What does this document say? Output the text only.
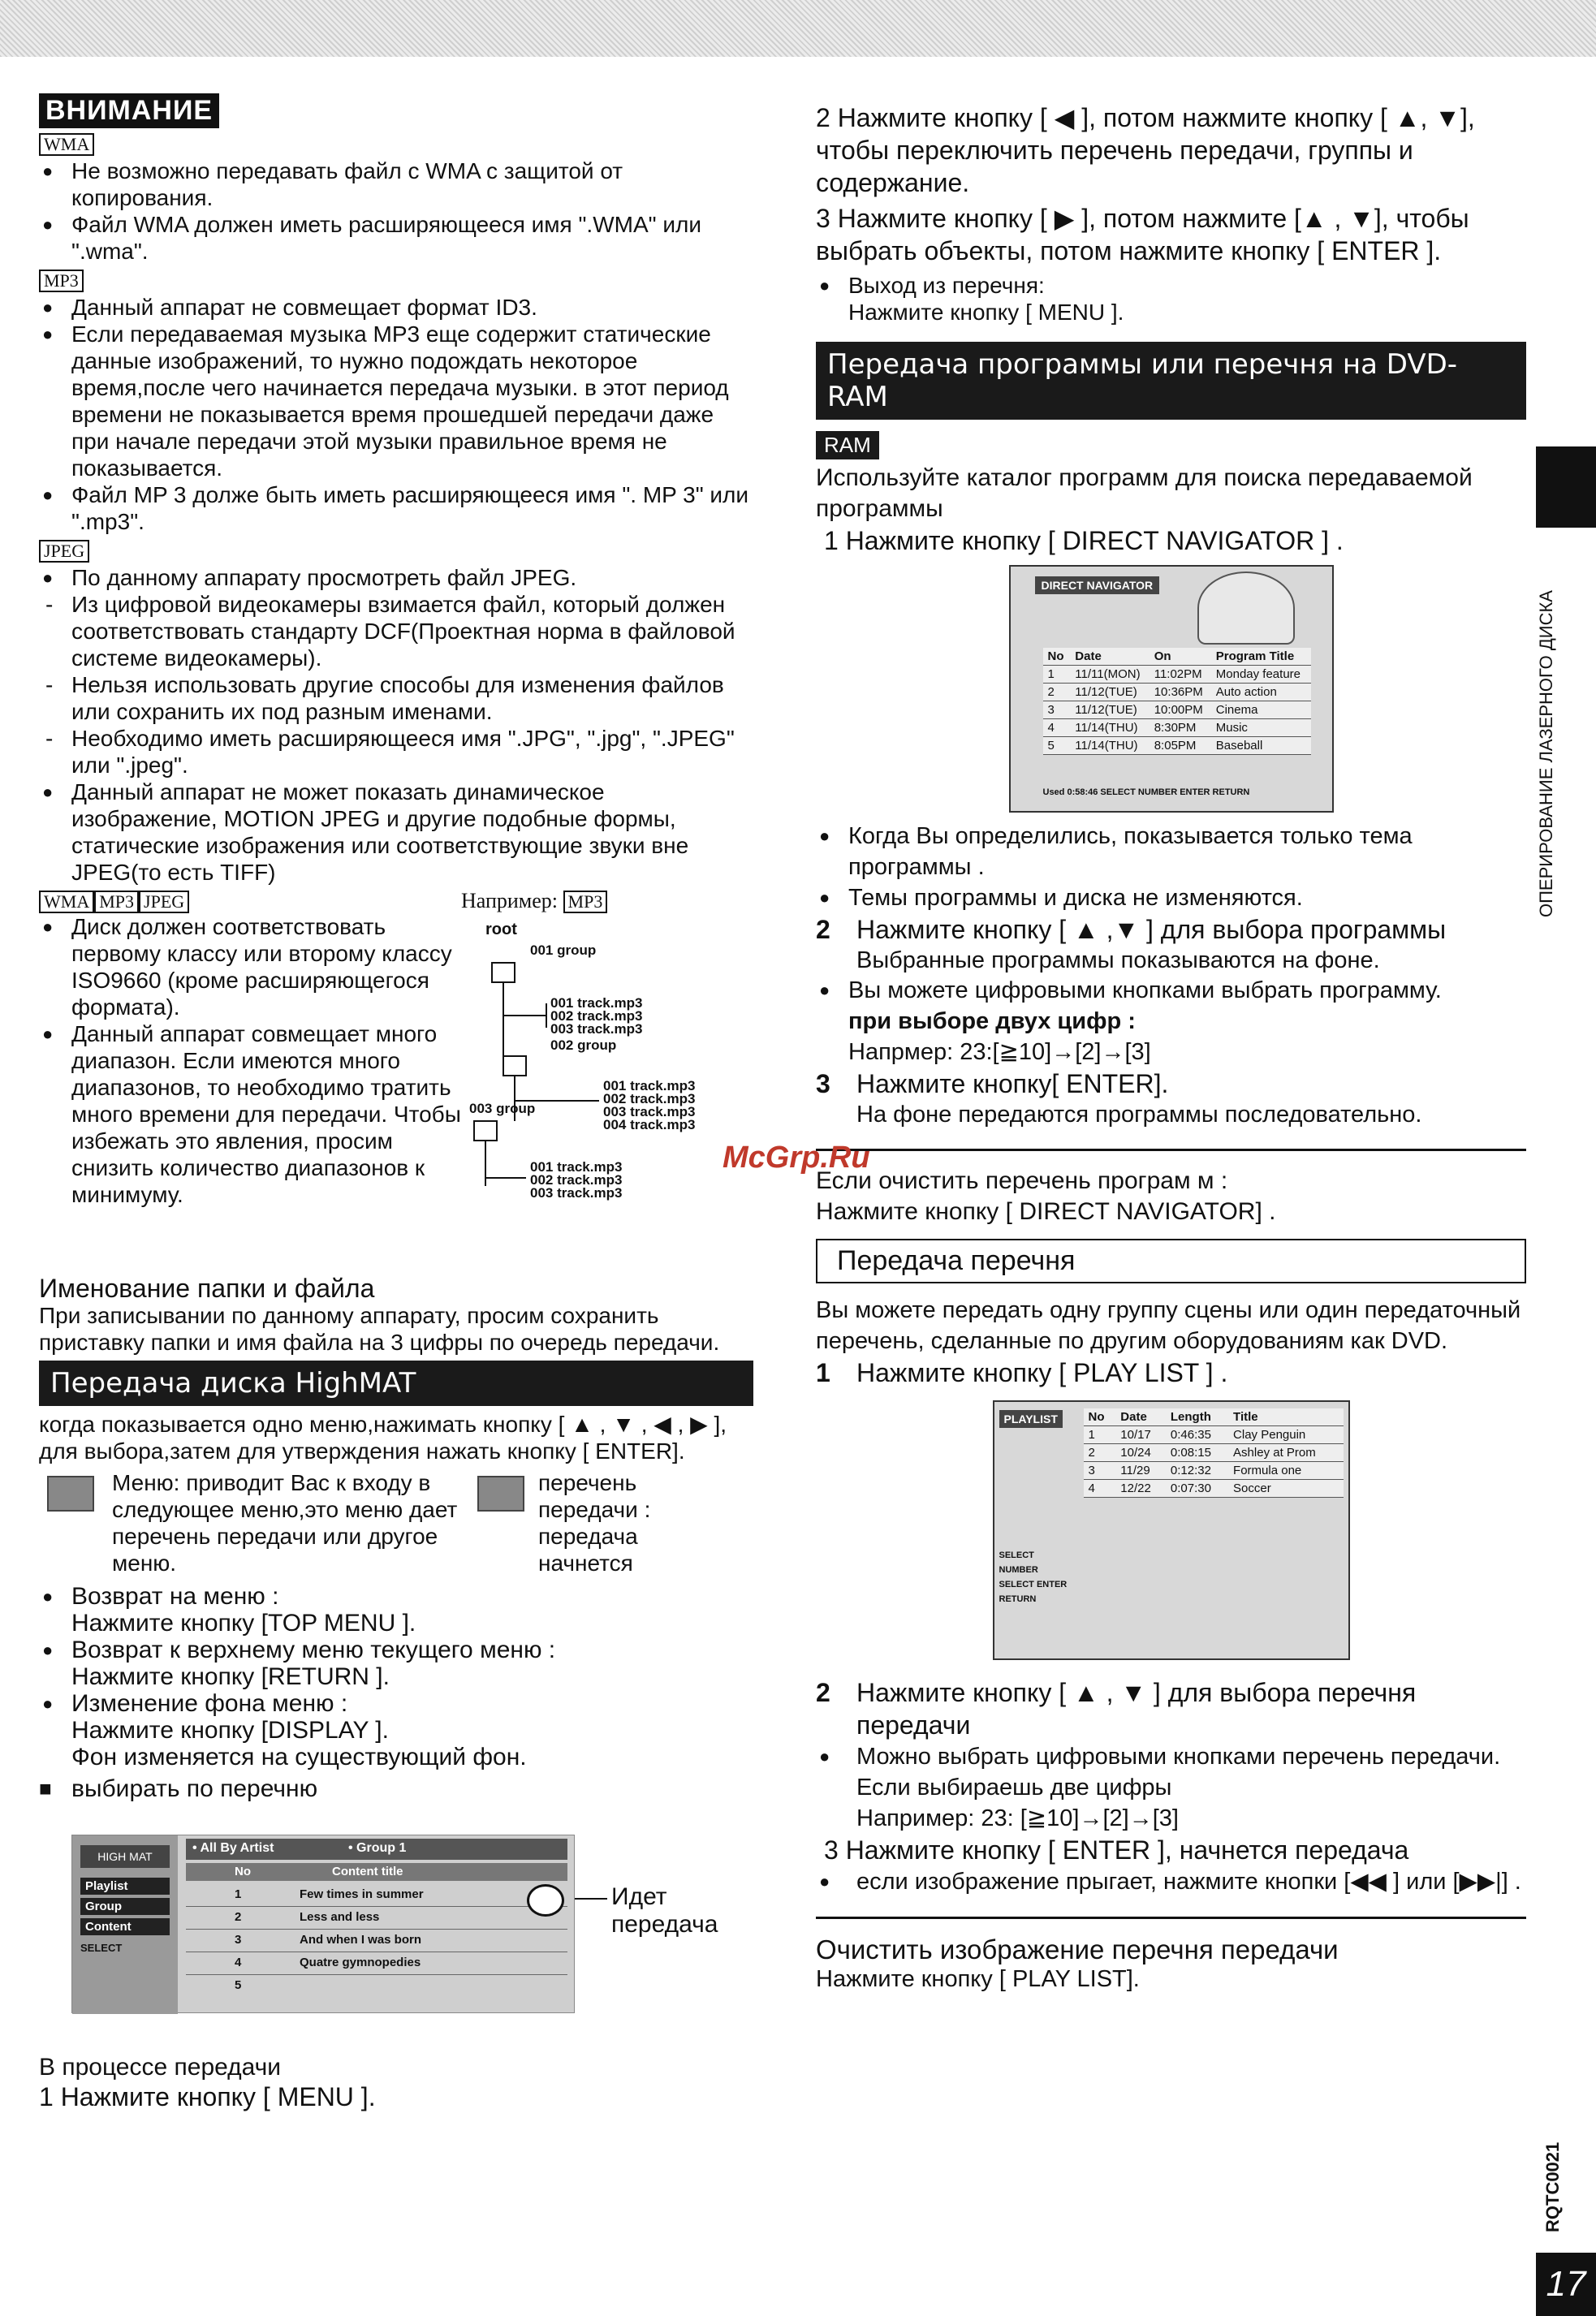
ВНИМАНИЕ
WMA
● Не возможно передавать файл с WMA с защитой от копирования.
● Файл WMA должен иметь расширяющееся имя ".WMA" или ".wma".
MP3
● Данный аппарат не совмещает формат ID3.
● Если передаваемая музыка MP3 еще содержит статические данные изображений, то нужно подождать некоторое время,после чего начинается передача музыки. в этот период времени не показывается время прошедшей передачи даже при начале передачи этой музыки правильное время не показывается.
● Файл MP 3 долже быть иметь расширяющееся имя ". MP 3" или ".mp3".
JPEG
● По данному аппарату просмотреть файл JPEG.
- Из цифровой видеокамеры взимается файл, который должен соответствовать стандарту DCF(Проектная норма в файловой системе видеокамеры).
- Нельзя использовать другие способы для изменения файлов или сохранить их под разным именами.
- Необходимо иметь расширяющееся имя ".JPG", ".jpg", ".JPEG" или ".jpeg".
● Данный аппарат не может показать динамическое изображение, MOTION JPEG и другие подобные формы, статические изображения или соответствующие звуки вне JPEG(то есть TIFF)
WMA MP3 JPEG
● Диск должен соответствовать первому классу или второму классу ISO9660 (кроме расширяющегося формата).
● Данный аппарат совмещает много диапазон. Если имеются много диапазонов, то необходимо тратить много времени для передачи. Чтобы избежать это явления, просим снизить количество диапазонов к минимуму.
Например: MP3
root
001 group
001 track.mp3
002 track.mp3
003 track.mp3
002 group
001 track.mp3
002 track.mp3
003 track.mp3
004 track.mp3
003 group
001 track.mp3
002 track.mp3
003 track.mp3
Именование папки и файла
При записывании по данному аппарату, просим сохранить приставку папки и имя файла на 3 цифры по очередь передачи.
Передача диска HighMAT
когда показывается одно меню,нажимать кнопку [ ▲ , ▼ , ◀ , ▶ ], для выбора,затем для утверждения нажать кнопку [ ENTER].
Меню: приводит Вас к входу в следующее меню,это меню дает перечень передачи или другое меню.
перечень передачи : передача начнется
● Возврат на меню :
Нажмите кнопку [TOP MENU ].
● Возврат к верхнему меню текущего меню :
Нажмите кнопку [RETURN ].
● Изменение фона меню :
Нажмите кнопку [DISPLAY ].
Фон изменяется на существующий фон.
■ выбирать по перечню
HIGH MAT
Playlist
Group
Content
SELECT
• All By Artist	• Group 1
No	Content title
1	Few times in summer
2	Less and less
3	And when I was born
4	Quatre gymnopedies
5
Идет передача
В процессе передачи
1 Нажмите кнопку [ MENU ].
2 Нажмите кнопку [ ◀ ], потом нажмите кнопку [ ▲, ▼], чтобы переключить перечень передачи, группы и содержание.
3 Нажмите кнопку [ ▶ ], потом нажмите [▲ , ▼], чтобы выбрать объекты, потом нажмите кнопку [ ENTER ].
● Выход из перечня:
Нажмите кнопку [ MENU ].
Передача программы или перечня на DVD-RAM
RAM
Используйте каталог программ для поиска передаваемой программы
1 Нажмите кнопку [ DIRECT NAVIGATOR ] .
DIRECT NAVIGATOR
No	Date	On	Program Title
1	11/11(MON)	11:02PM	Monday feature
2	11/12(TUE)	10:36PM	Auto action
3	11/12(TUE)	10:00PM	Cinema
4	11/14(THU)	8:30PM	Music
5	11/14(THU)	8:05PM	Baseball
Used 0:58:46 SELECT NUMBER ENTER RETURN
● Когда Вы определились, показывается только тема программы .
● Темы программы и диска не изменяются.
2 Нажмите кнопку [ ▲ ,▼ ] для выбора программы
Выбранные программы показываются на фоне.
● Вы можете цифровыми кнопками выбрать программу.
при выборе двух цифр :
Напрмер: 23:[≧10]→[2]→[3]
3 Нажмите кнопку[ ENTER].
На фоне передаются программы последовательно.
Если очистить перечень програм м :
Нажмите кнопку [ DIRECT NAVIGATOR] .
Передача перечня
Вы можете передать одну группу сцены или один передаточный перечень, сделанные по другим оборудованиям как DVD.
1 Нажмите кнопку [ PLAY LIST ] .
PLAYLIST
SELECT NUMBER SELECT ENTER RETURN
No	Date	Length	Title
1	10/17	0:46:35	Clay Penguin
2	10/24	0:08:15	Ashley at Prom
3	11/29	0:12:32	Formula one
4	12/22	0:07:30	Soccer
2 Нажмите кнопку [ ▲ , ▼ ] для выбора перечня передачи
● Можно выбрать цифровыми кнопками перечень передачи.
Если выбираешь две цифры
Например: 23: [≧10]→[2]→[3]
3 Нажмите кнопку [ ENTER ], начнется передача
● если изображение прыгает, нажмите кнопки [◀◀ ] или [▶▶|] .
Очистить изображение перечня передачи
Нажмите кнопку [ PLAY LIST].
McGrp.Ru
ОПЕРИРОВАНИЕ ЛАЗЕРНОГО ДИСКА
RQTC0021
17
